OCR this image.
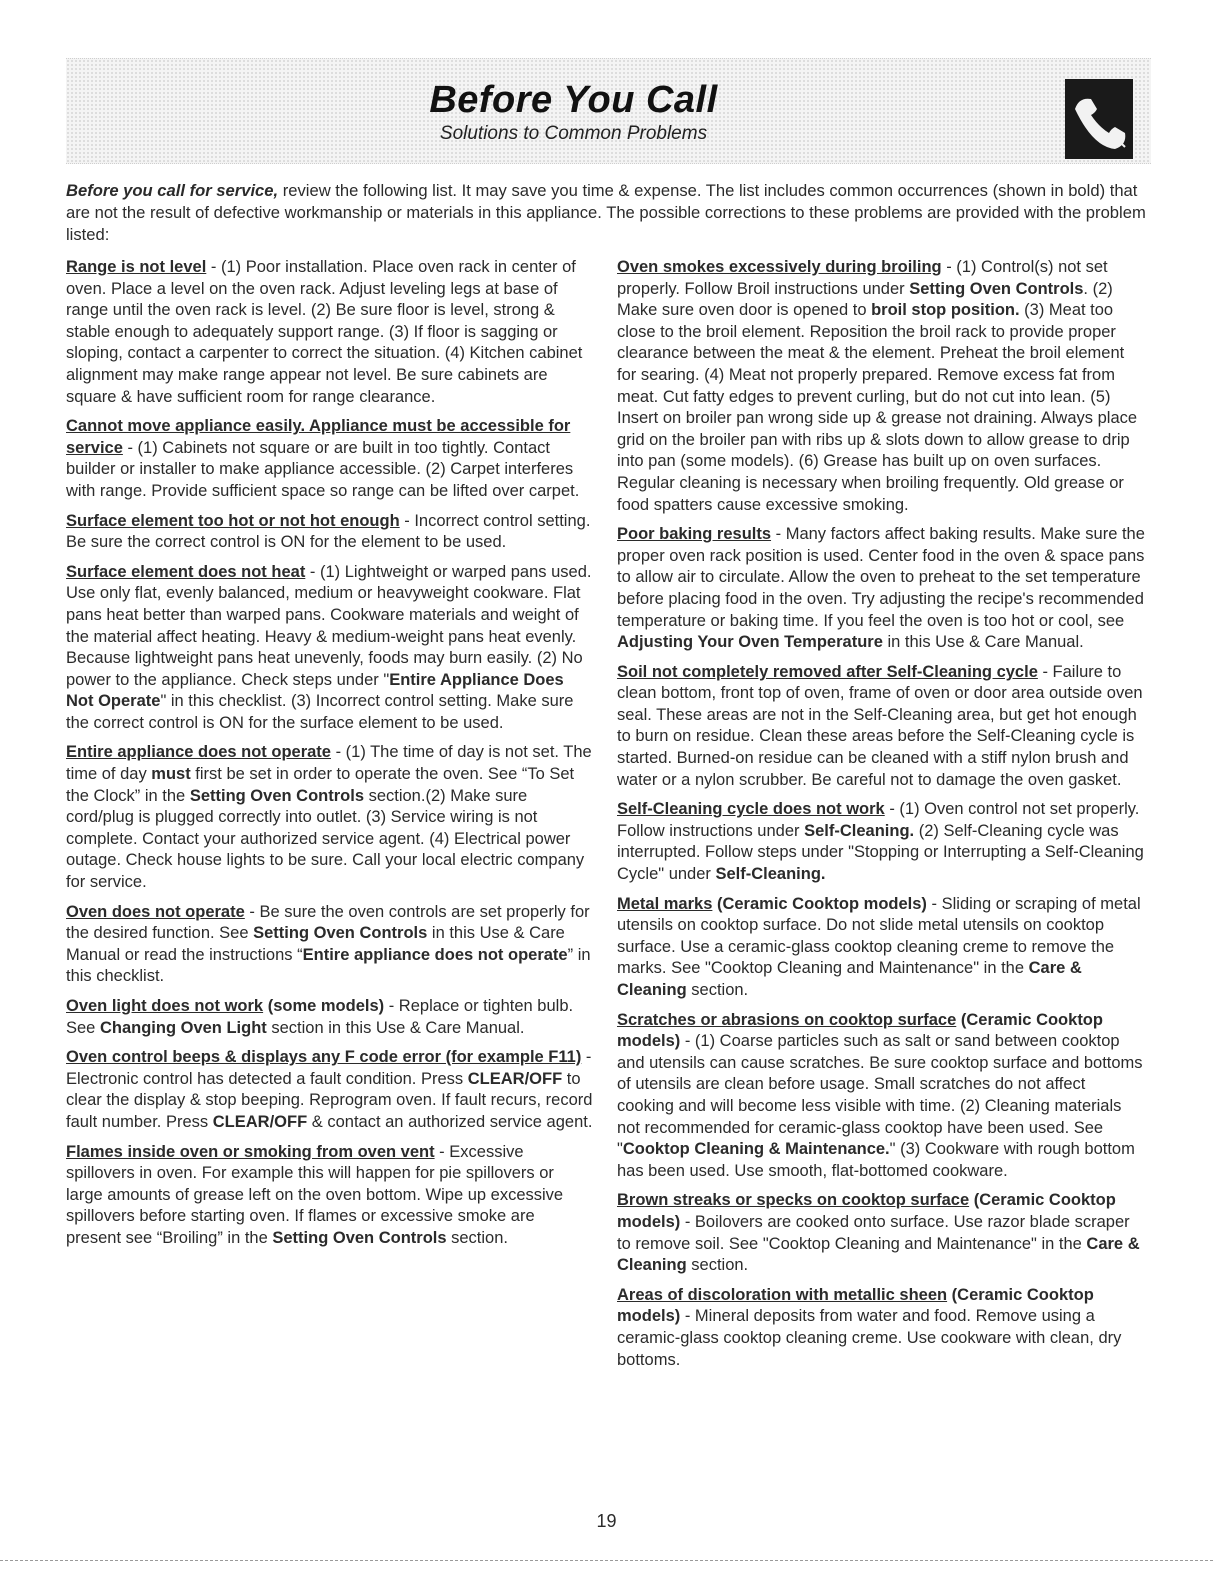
Before You Call
Solutions to Common Problems
Before you call for service, review the following list. It may save you time & expense. The list includes common occurrences (shown in bold) that are not the result of defective workmanship or materials in this appliance. The possible corrections to these problems are provided with the problem listed:

Range is not level - (1) Poor installation. Place oven rack in center of oven. Place a level on the oven rack. Adjust leveling legs at base of range until the oven rack is level. (2) Be sure floor is level, strong & stable enough to adequately support range. (3) If floor is sagging or sloping, contact a carpenter to correct the situation. (4) Kitchen cabinet alignment may make range appear not level. Be sure cabinets are square & have sufficient room for range clearance.

Cannot move appliance easily. Appliance must be accessible for service - (1) Cabinets not square or are built in too tightly. Contact builder or installer to make appliance accessible. (2) Carpet interferes with range. Provide sufficient space so range can be lifted over carpet.

Surface element too hot or not hot enough - Incorrect control setting. Be sure the correct control is ON for the element to be used.

Surface element does not heat - (1) Lightweight or warped pans used. Use only flat, evenly balanced, medium or heavyweight cookware. Flat pans heat better than warped pans. Cookware materials and weight of the material affect heating. Heavy & medium-weight pans heat evenly. Because lightweight pans heat unevenly, foods may burn easily. (2) No power to the appliance. Check steps under "Entire Appliance Does Not Operate" in this checklist. (3) Incorrect control setting. Make sure the correct control is ON for the surface element to be used.

Entire appliance does not operate - (1) The time of day is not set. The time of day must first be set in order to operate the oven. See “To Set the Clock” in the Setting Oven Controls section.(2) Make sure cord/plug is plugged correctly into outlet. (3) Service wiring is not complete. Contact your authorized service agent. (4) Electrical power outage. Check house lights to be sure. Call your local electric company for service.

Oven does not operate - Be sure the oven controls are set properly for the desired function. See Setting Oven Controls in this Use & Care Manual or read the instructions “Entire appliance does not operate” in this checklist.

Oven light does not work (some models) - Replace or tighten bulb. See Changing Oven Light section in this Use & Care Manual.

Oven control beeps & displays any F code error (for example F11) - Electronic control has detected a fault condition. Press CLEAR/OFF to clear the display & stop beeping. Reprogram oven. If fault recurs, record fault number. Press CLEAR/OFF & contact an authorized service agent.

Flames inside oven or smoking from oven vent - Excessive spillovers in oven. For example this will happen for pie spillovers or large amounts of grease left on the oven bottom. Wipe up excessive spillovers before starting oven. If flames or excessive smoke are present see “Broiling” in the Setting Oven Controls section.

Oven smokes excessively during broiling - (1) Control(s) not set properly. Follow Broil instructions under Setting Oven Controls. (2) Make sure oven door is opened to broil stop position. (3) Meat too close to the broil element. Reposition the broil rack to provide proper clearance between the meat & the element. Preheat the broil element for searing. (4) Meat not properly prepared. Remove excess fat from meat. Cut fatty edges to prevent curling, but do not cut into lean. (5) Insert on broiler pan wrong side up & grease not draining. Always place grid on the broiler pan with ribs up & slots down to allow grease to drip into pan (some models). (6) Grease has built up on oven surfaces. Regular cleaning is necessary when broiling frequently. Old grease or food spatters cause excessive smoking.

Poor baking results - Many factors affect baking results. Make sure the proper oven rack position is used. Center food in the oven & space pans to allow air to circulate. Allow the oven to preheat to the set temperature before placing food in the oven. Try adjusting the recipe's recommended temperature or baking time. If you feel the oven is too hot or cool, see Adjusting Your Oven Temperature in this Use & Care Manual.

Soil not completely removed after Self-Cleaning cycle - Failure to clean bottom, front top of oven, frame of oven or door area outside oven seal. These areas are not in the Self-Cleaning area, but get hot enough to burn on residue. Clean these areas before the Self-Cleaning cycle is started. Burned-on residue can be cleaned with a stiff nylon brush and water or a nylon scrubber. Be careful not to damage the oven gasket.

Self-Cleaning cycle does not work - (1) Oven control not set properly. Follow instructions under Self-Cleaning. (2) Self-Cleaning cycle was interrupted. Follow steps under "Stopping or Interrupting a Self-Cleaning Cycle" under Self-Cleaning.

Metal marks (Ceramic Cooktop models) - Sliding or scraping of metal utensils on cooktop surface. Do not slide metal utensils on cooktop surface. Use a ceramic-glass cooktop cleaning creme to remove the marks. See "Cooktop Cleaning and Maintenance" in the Care & Cleaning section.

Scratches or abrasions on cooktop surface (Ceramic Cooktop models) - (1) Coarse particles such as salt or sand between cooktop and utensils can cause scratches. Be sure cooktop surface and bottoms of utensils are clean before usage. Small scratches do not affect cooking and will become less visible with time. (2) Cleaning materials not recommended for ceramic-glass cooktop have been used. See "Cooktop Cleaning & Maintenance." (3) Cookware with rough bottom has been used. Use smooth, flat-bottomed cookware.

Brown streaks or specks on cooktop surface (Ceramic Cooktop models) - Boilovers are cooked onto surface. Use razor blade scraper to remove soil. See "Cooktop Cleaning and Maintenance" in the Care & Cleaning section.

Areas of discoloration with metallic sheen (Ceramic Cooktop models) - Mineral deposits from water and food. Remove using a ceramic-glass cooktop cleaning creme. Use cookware with clean, dry bottoms.

19
